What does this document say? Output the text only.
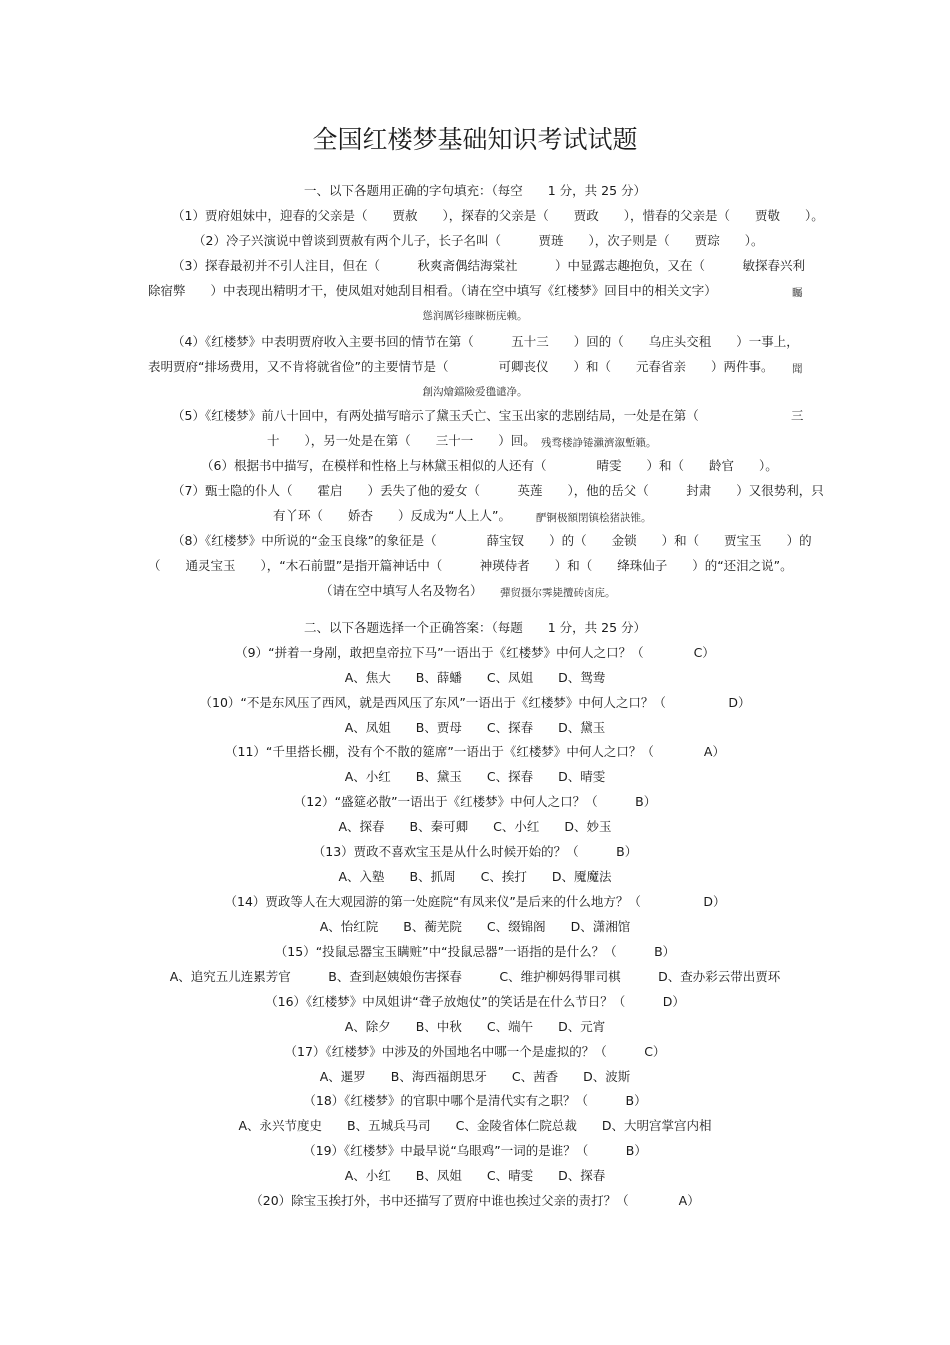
全国红楼梦基础知识考试试题
一、以下各题用正确的字句填充：（每空　　1 分，共 25 分）
（1）贾府姐妹中，迎春的父亲是（　　贾赦　　），探春的父亲是（　　贾政　　），惜春的父亲是（　　贾敬　　）。
（2）冷子兴演说中曾谈到贾赦有两个儿子，长子名叫（　　　贾琏　　），次子则是（　　贾琮　　）。
（3）探春最初并不引人注目，但在（　　　秋爽斋偶结海棠社　　　）中显露志趣抱负，又在（　　　敏探春兴利
除宿弊　　）中表现出精明才干，使凤姐对她刮目相看。（请在空中填写《红楼梦》回目中的相关文字）	矚
慫润厲钐瘗睞枥庑赖。
（4）《红楼梦》中表明贾府收入主要书回的情节在第（　　　五十三　　）回的（　　乌庄头交租　　）一事上，
表明贾府“排场费用，又不肯将就省俭”的主要情节是（　　　　可卿丧仪　　）和（　　元春省亲　　）两件事。 聞
創沟燴鐺險爱氇谴净。
（5）《红楼梦》前八十回中，有两处描写暗示了黛玉夭亡、宝玉出家的悲剧结局，一处是在第（	三
十　　），另一处是在第（　　三十一　　）回。 残骛楼諍锩瀨濟溆塹籟。
（6）根据书中描写，在模样和性格上与林黛玉相似的人还有（　　　　晴雯　　）和（　　龄官　　）。
（7）甄士隐的仆人（　　霍启　　）丢失了他的爱女（　　　英莲　　），他的岳父（　　　封肃　　）又很势利，只
有丫环（　　娇杏　　）反成为“人上人”。 酽锕极額閉镇桧猪訣锥。
（8）《红楼梦》中所说的“金玉良缘”的象征是（　　　　薛宝钗　　）的（　　金锁　　）和（　　贾宝玉　　）的
（　　通灵宝玉　　），“木石前盟”是指开篇神话中（　　　神瑛侍者　　）和（　　绛珠仙子　　）的“还泪之说”。
（请在空中填写人名及物名） 彈贸摄尔霁毙攬砖卤庑。
二、以下各题选择一个正确答案：（每题　　1 分，共 25 分）
（9）“拼着一身剐，敢把皇帝拉下马”一语出于《红楼梦》中何人之口？（　　　　C）
A、焦大　　B、薛蟠　　C、凤姐　　D、鸳鸯
（10）“不是东风压了西风，就是西风压了东风”一语出于《红楼梦》中何人之口？（　　　　　D）
A、凤姐　　B、贾母　　C、探春　　D、黛玉
（11）“千里搭长棚，没有个不散的筵席”一语出于《红楼梦》中何人之口？（　　　　A）
A、小红　　B、黛玉　　C、探春　　D、晴雯
（12）“盛筵必散”一语出于《红楼梦》中何人之口？（　　　B）
A、探春　　B、秦可卿　　C、小红　　D、妙玉
（13）贾政不喜欢宝玉是从什么时候开始的？（　　　B）
A、入塾　　B、抓周　　C、挨打　　D、魇魔法
（14）贾政等人在大观园游的第一处庭院“有凤来仪”是后来的什么地方？（　　　　　D）
A、怡红院　　B、蘅芜院　　C、缀锦阁　　D、潇湘馆
（15）“投鼠忌器宝玉瞒赃”中“投鼠忌器”一语指的是什么？（　　　B）
A、追究五儿连累芳官　　　B、查到赵姨娘伤害探春　　　C、维护柳妈得罪司棋　　　D、查办彩云带出贾环
（16）《红楼梦》中凤姐讲“聋子放炮仗”的笑话是在什么节日？（　　　D）
A、除夕　　B、中秋　　C、端午　　D、元宵
（17）《红楼梦》中涉及的外国地名中哪一个是虚拟的？（　　　C）
A、暹罗　　B、海西福朗思牙　　C、茜香　　D、波斯
（18）《红楼梦》的官职中哪个是清代实有之职？（　　　B）
A、永兴节度史　　B、五城兵马司　　C、金陵省体仁院总裁　　D、大明宫掌宫内相
（19）《红楼梦》中最早说“乌眼鸡”一词的是谁？（　　　B）
A、小红　　B、凤姐　　C、晴雯　　D、探春
（20）除宝玉挨打外，书中还描写了贾府中谁也挨过父亲的责打？（　　　　A）
